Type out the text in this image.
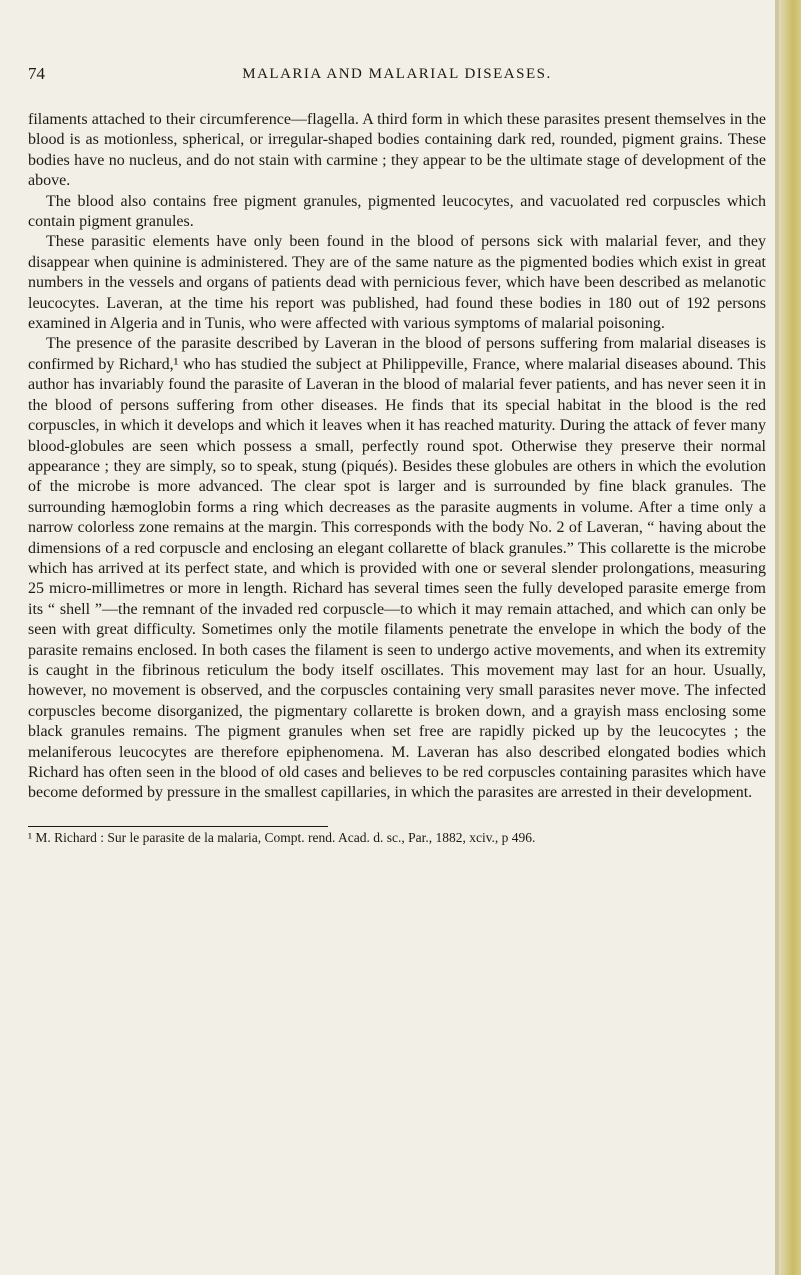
74	MALARIA AND MALARIAL DISEASES.

filaments attached to their circumference—flagella. A third form in which these parasites present themselves in the blood is as motionless, spherical, or irregular-shaped bodies containing dark red, rounded, pigment grains. These bodies have no nucleus, and do not stain with carmine ; they appear to be the ultimate stage of development of the above.

The blood also contains free pigment granules, pigmented leucocytes, and vacuolated red corpuscles which contain pigment granules.

These parasitic elements have only been found in the blood of persons sick with malarial fever, and they disappear when quinine is administered. They are of the same nature as the pigmented bodies which exist in great numbers in the vessels and organs of patients dead with pernicious fever, which have been described as melanotic leucocytes. Laveran, at the time his report was published, had found these bodies in 180 out of 192 persons examined in Algeria and in Tunis, who were affected with various symptoms of malarial poisoning.

The presence of the parasite described by Laveran in the blood of persons suffering from malarial diseases is confirmed by Richard,¹ who has studied the subject at Philippeville, France, where malarial diseases abound. This author has invariably found the parasite of Laveran in the blood of malarial fever patients, and has never seen it in the blood of persons suffering from other diseases. He finds that its special habitat in the blood is the red corpuscles, in which it develops and which it leaves when it has reached maturity. During the attack of fever many blood-globules are seen which possess a small, perfectly round spot. Otherwise they preserve their normal appearance ; they are simply, so to speak, stung (piqués). Besides these globules are others in which the evolution of the microbe is more advanced. The clear spot is larger and is surrounded by fine black granules. The surrounding hæmoglobin forms a ring which decreases as the parasite augments in volume. After a time only a narrow colorless zone remains at the margin. This corresponds with the body No. 2 of Laveran, “ having about the dimensions of a red corpuscle and enclosing an elegant collarette of black granules.” This collarette is the microbe which has arrived at its perfect state, and which is provided with one or several slender prolongations, measuring 25 micro-millimetres or more in length. Richard has several times seen the fully developed parasite emerge from its “ shell ”—the remnant of the invaded red corpuscle—to which it may remain attached, and which can only be seen with great difficulty. Sometimes only the motile filaments penetrate the envelope in which the body of the parasite remains enclosed. In both cases the filament is seen to undergo active movements, and when its extremity is caught in the fibrinous reticulum the body itself oscillates. This movement may last for an hour. Usually, however, no movement is observed, and the corpuscles containing very small parasites never move. The infected corpuscles become disorganized, the pigmentary collarette is broken down, and a grayish mass enclosing some black granules remains. The pigment granules when set free are rapidly picked up by the leucocytes ; the melaniferous leucocytes are therefore epiphenomena. M. Laveran has also described elongated bodies which Richard has often seen in the blood of old cases and believes to be red corpuscles containing parasites which have become deformed by pressure in the smallest capillaries, in which the parasites are arrested in their development.

¹ M. Richard : Sur le parasite de la malaria, Compt. rend. Acad. d. sc., Par., 1882, xciv., p 496.
